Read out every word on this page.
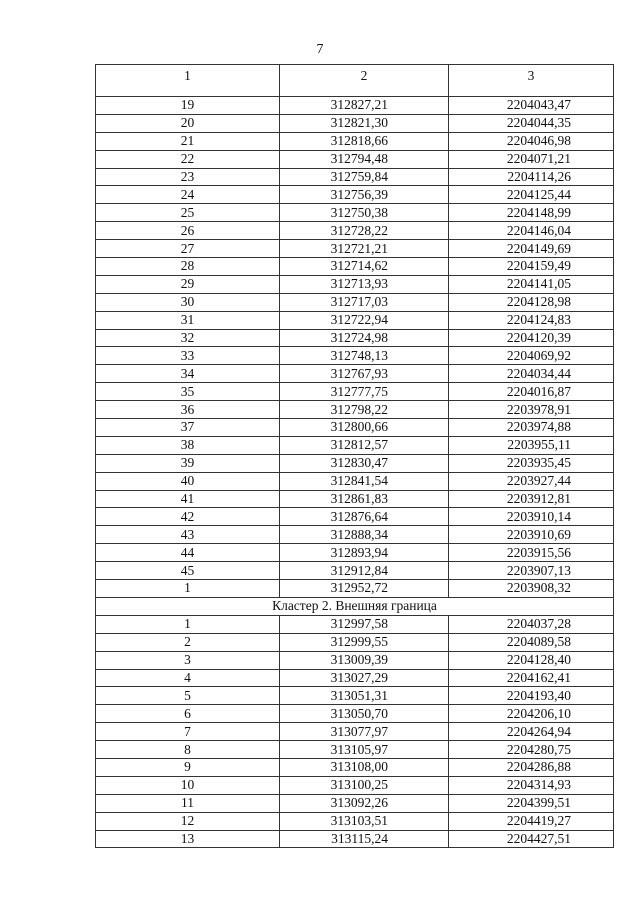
7
1	2	3
19	312827,21	2204043,47
20	312821,30	2204044,35
21	312818,66	2204046,98
22	312794,48	2204071,21
23	312759,84	2204114,26
24	312756,39	2204125,44
25	312750,38	2204148,99
26	312728,22	2204146,04
27	312721,21	2204149,69
28	312714,62	2204159,49
29	312713,93	2204141,05
30	312717,03	2204128,98
31	312722,94	2204124,83
32	312724,98	2204120,39
33	312748,13	2204069,92
34	312767,93	2204034,44
35	312777,75	2204016,87
36	312798,22	2203978,91
37	312800,66	2203974,88
38	312812,57	2203955,11
39	312830,47	2203935,45
40	312841,54	2203927,44
41	312861,83	2203912,81
42	312876,64	2203910,14
43	312888,34	2203910,69
44	312893,94	2203915,56
45	312912,84	2203907,13
1	312952,72	2203908,32
Кластер 2. Внешняя граница		
1	312997,58	2204037,28
2	312999,55	2204089,58
3	313009,39	2204128,40
4	313027,29	2204162,41
5	313051,31	2204193,40
6	313050,70	2204206,10
7	313077,97	2204264,94
8	313105,97	2204280,75
9	313108,00	2204286,88
10	313100,25	2204314,93
11	313092,26	2204399,51
12	313103,51	2204419,27
13	313115,24	2204427,51
